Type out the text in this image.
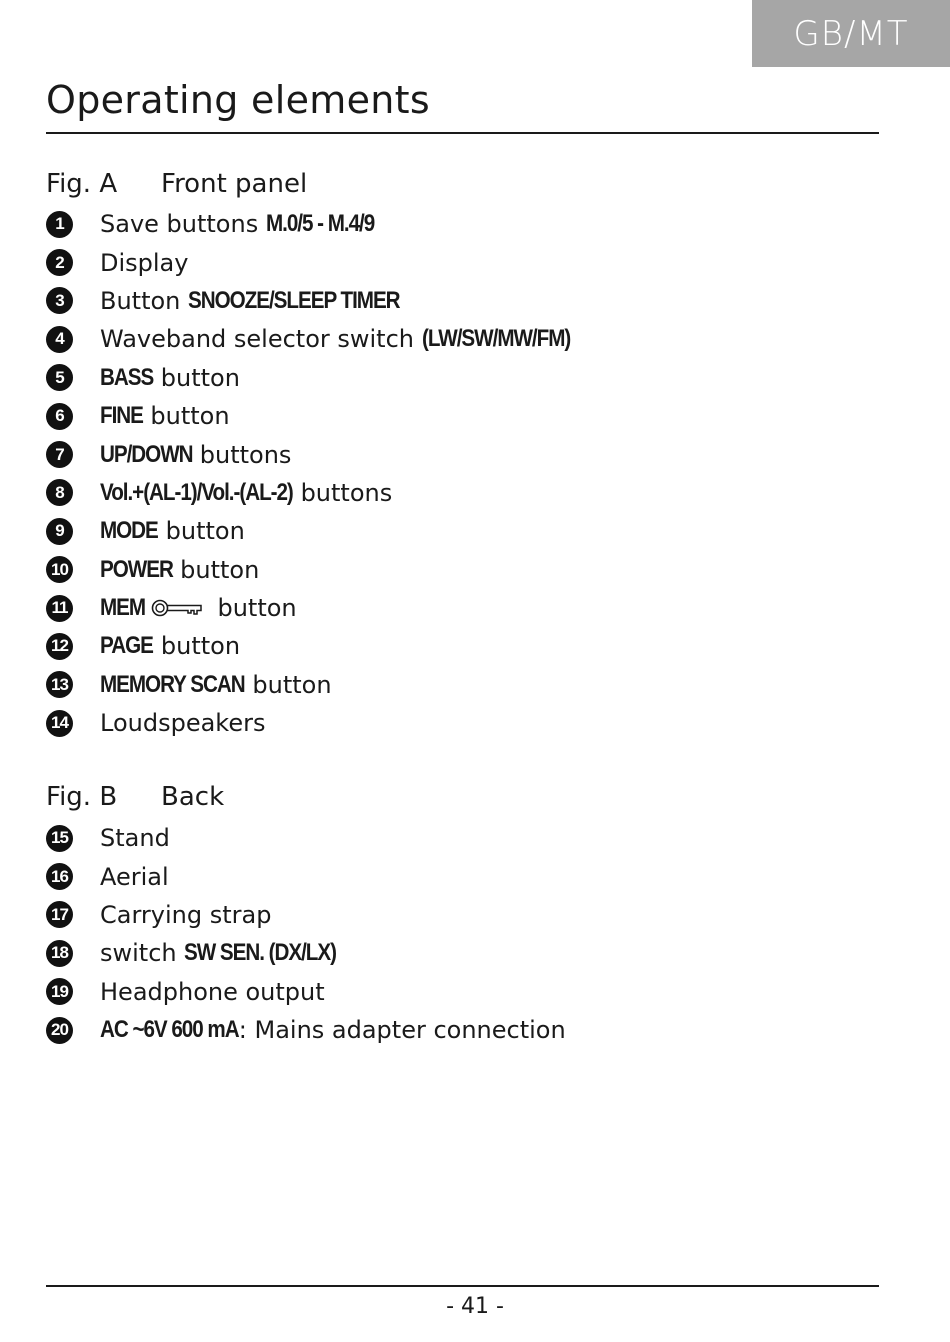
GB/MT
Operating elements
Fig. A Front panel
1	Save buttons M.0/5 - M.4/9
2	Display
3	Button SNOOZE/SLEEP TIMER
4	Waveband selector switch (LW/SW/MW/FM)
5	BASS button
6	FINE button
7	UP/DOWN buttons
8	Vol.+(AL-1)/Vol.-(AL-2) buttons
9	MODE button
10 POWER button
11 MEM	button
12 PAGE button
13 MEMORY SCAN button
14 Loudspeakers
Fig. B Back
15 Stand
16 Aerial
17 Carrying strap
18 switch SW SEN. (DX/LX)
19 Headphone output
20 AC ~6V 600 mA : Mains adapter connection
- 41 -
